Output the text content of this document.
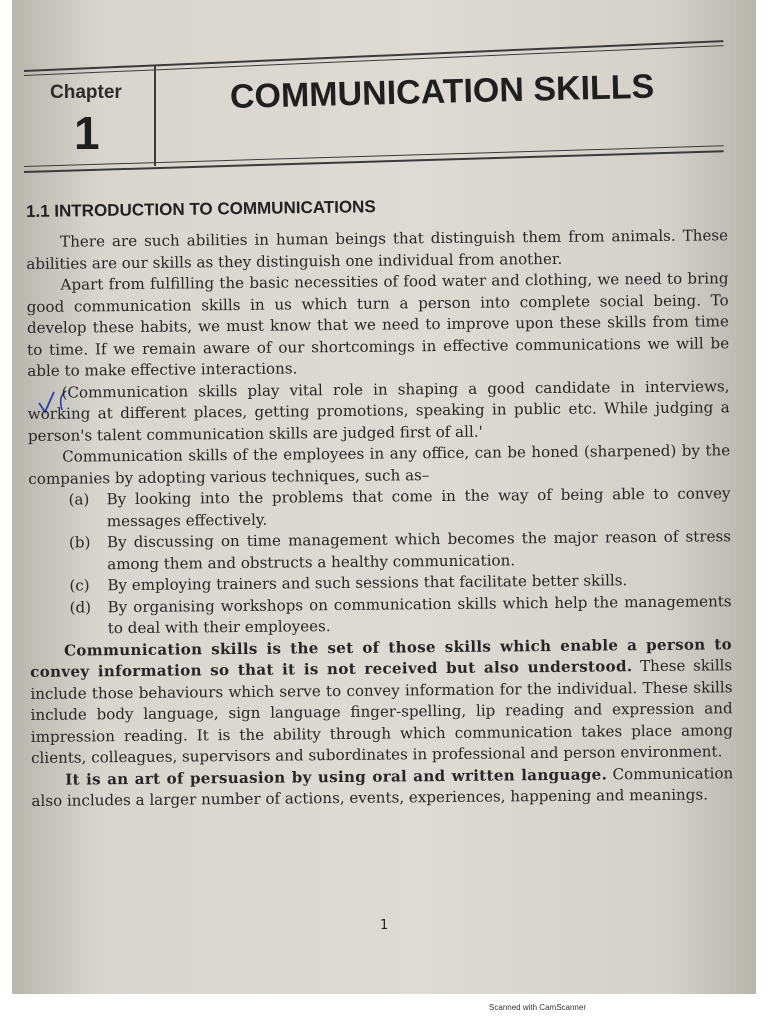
Chapter
1
COMMUNICATION SKILLS
1.1 INTRODUCTION TO COMMUNICATIONS

There are such abilities in human beings that distinguish them from animals. These abilities are our skills as they distinguish one individual from another.

Apart from fulfilling the basic necessities of food water and clothing, we need to bring good communication skills in us which turn a person into complete social being. To develop these habits, we must know that we need to improve upon these skills from time to time. If we remain aware of our shortcomings in effective communications we will be able to make effective interactions.

(Communication skills play vital role in shaping a good candidate in interviews, working at different places, getting promotions, speaking in public etc. While judging a person's talent communication skills are judged first of all.'

Communication skills of the employees in any office, can be honed (sharpened) by the companies by adopting various techniques, such as–

(a)	By looking into the problems that come in the way of being able to convey messages effectively.
(b)	By discussing on time management which becomes the major reason of stress among them and obstructs a healthy communication.
(c)	By employing trainers and such sessions that facilitate better skills.
(d)	By organising workshops on communication skills which help the managements to deal with their employees.

Communication skills is the set of those skills which enable a person to convey information so that it is not received but also understood. These skills include those behaviours which serve to convey information for the individual. These skills include body language, sign language finger-spelling, lip reading and expression and impression reading. It is the ability through which communication takes place among clients, colleagues, supervisors and subordinates in professional and person environment.

It is an art of persuasion by using oral and written language. Communication also includes a larger number of actions, events, experiences, happening and meanings.

1
Scanned with CamScanner
